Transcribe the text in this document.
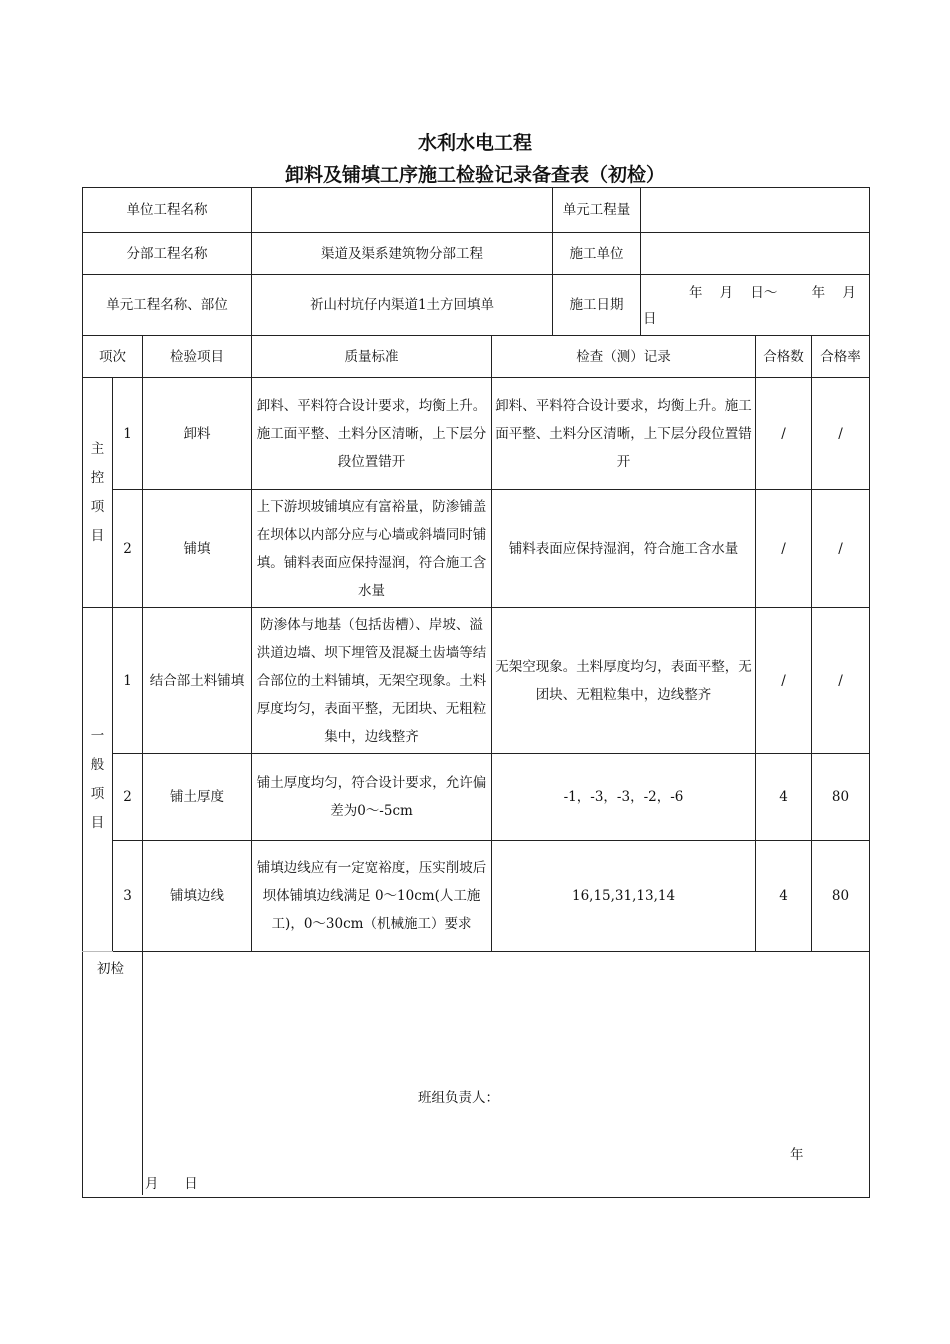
水利水电工程
卸料及铺填工序施工检验记录备查表（初检）
单位工程名称					单元工程量			
分部工程名称			渠道及渠系建筑物分部工程		施工单位			
单元工程名称、部位			祈山村坑仔内渠道1土方回填单		施工日期	年    月    日～        年    月
日		

项次		检验项目	质量标准	检查（测）记录			合格数	合格率

主
控
项
目	1	卸料	卸料、平料符合设计要求，均衡上升。施工面平整、土料分区清晰，上下层分段位置错开	卸料、平料符合设计要求，均衡上升。施工面平整、土料分区清晰，上下层分段位置错开			/	/
	2	铺填	上下游坝坡铺填应有富裕量，防渗铺盖在坝体以内部分应与心墙或斜墙同时铺填。铺料表面应保持湿润，符合施工含水量	铺料表面应保持湿润，符合施工含水量			/	/

一
般
项
目	1	结合部土料铺填	防渗体与地基（包括齿槽）、岸坡、溢洪道边墙、坝下埋管及混凝土齿墙等结合部位的土料铺填，无架空现象。土料厚度均匀，表面平整，无团块、无粗粒集中，边线整齐	无架空现象。土料厚度均匀，表面平整，无团块、无粗粒集中，边线整齐			/	/
	2	铺土厚度	铺土厚度均匀，符合设计要求，允许偏差为0～-5cm	-1，-3，-3，-2，-6			4	80
	3	铺填边线	铺填边线应有一定宽裕度，压实削坡后坝体铺填边线满足 0～10cm(人工施工)，0～30cm（机械施工）要求	16,15,31,13,14			4	80

初检
班组负责人：
年
月      日								
